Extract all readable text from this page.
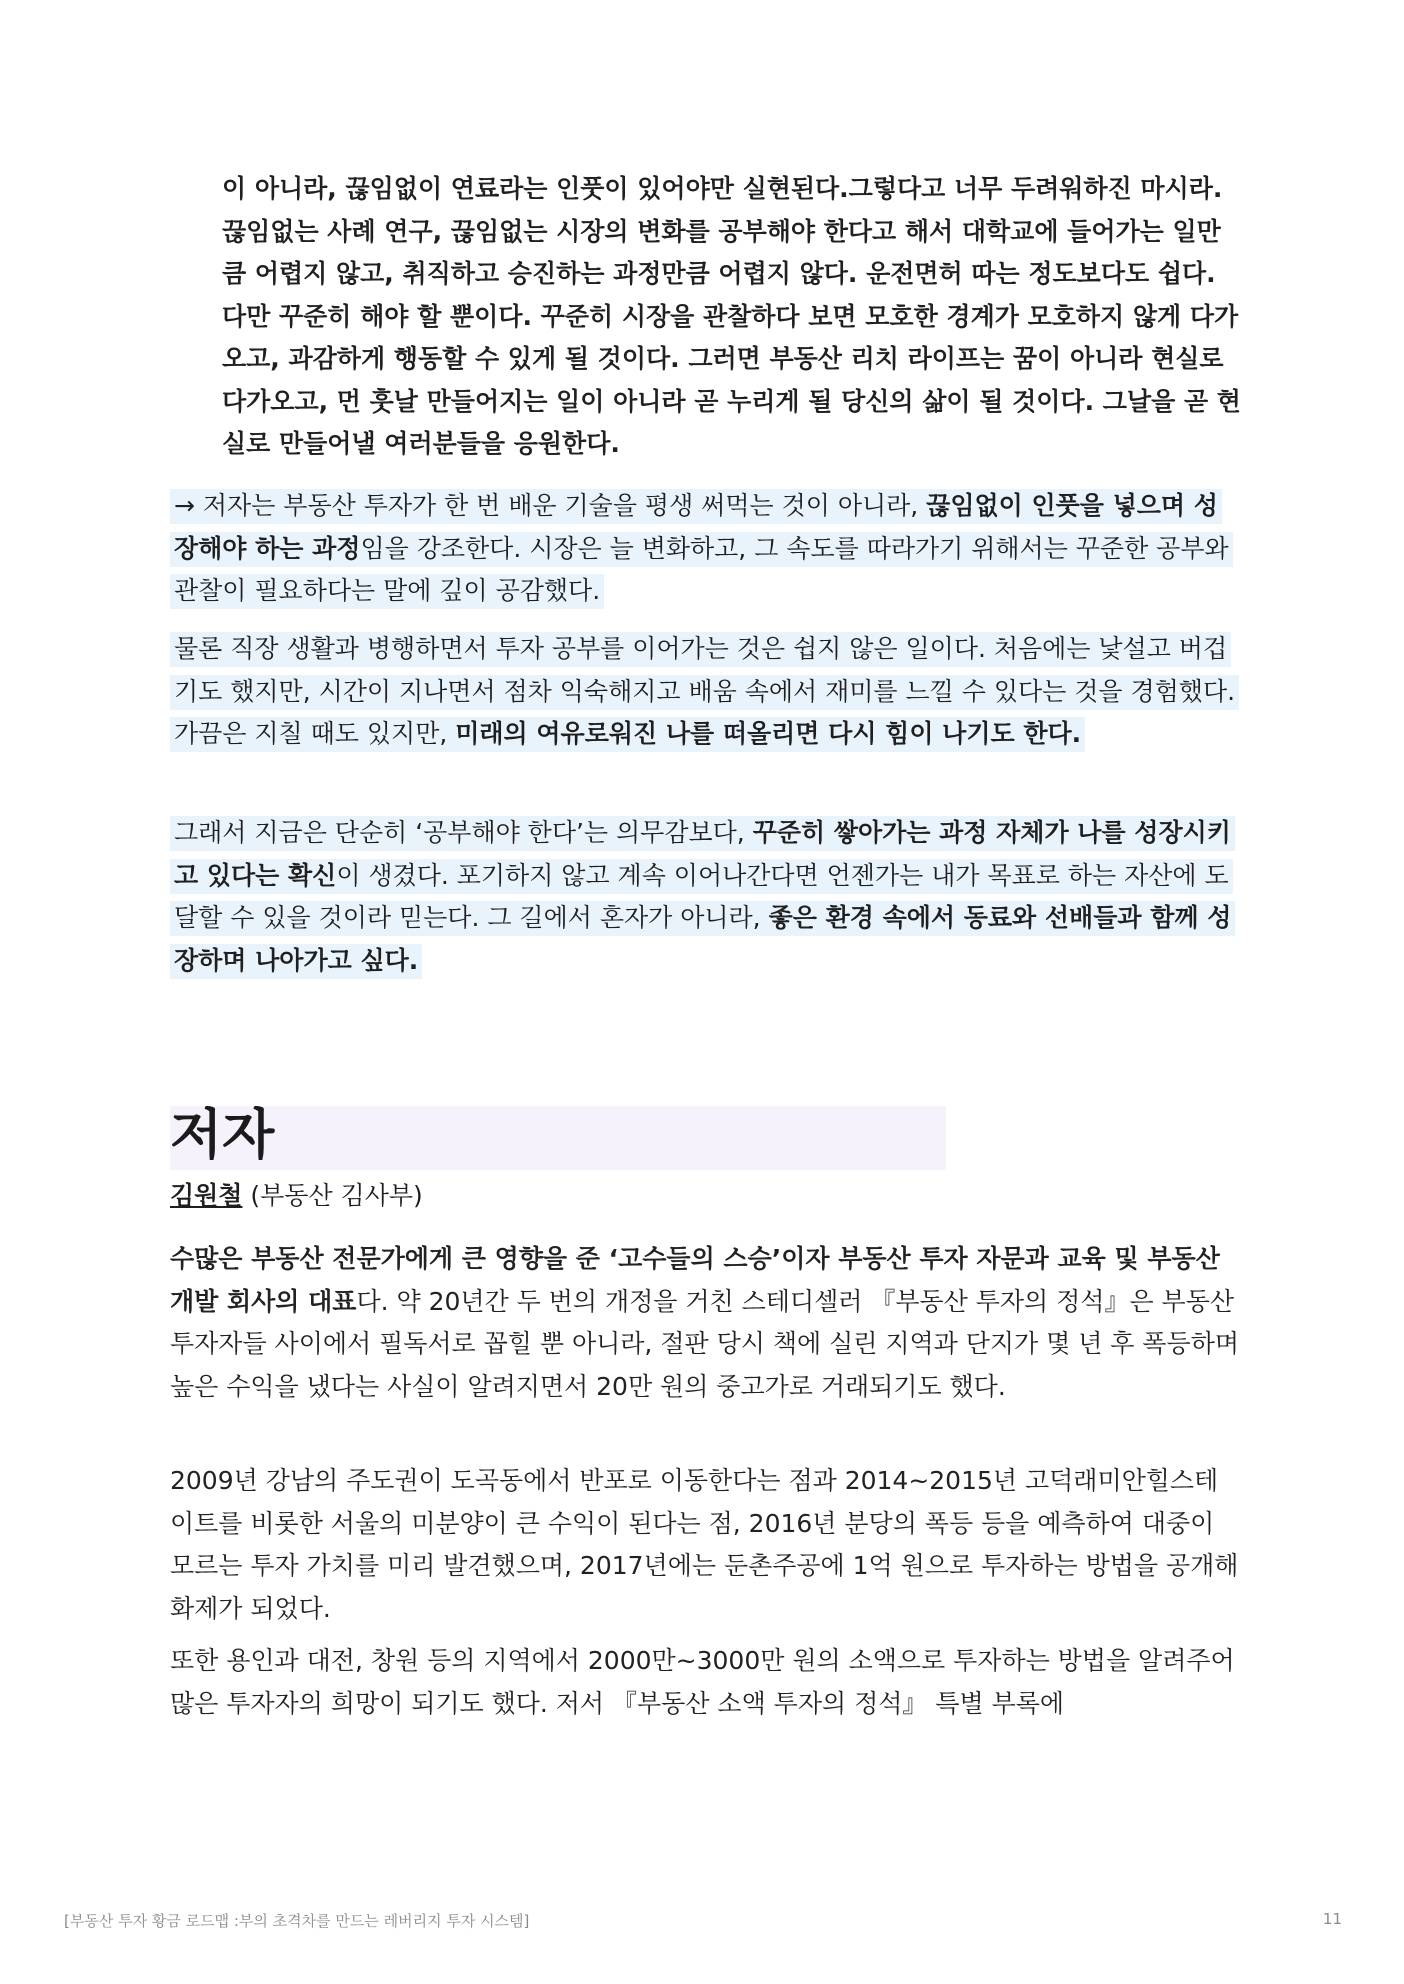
이 아니라, 끊임없이 연료라는 인풋이 있어야만 실현된다.그렇다고 너무 두려워하진 마시라. 끊임없는 사례 연구, 끊임없는 시장의 변화를 공부해야 한다고 해서 대학교에 들어가는 일만큼 어렵지 않고, 취직하고 승진하는 과정만큼 어렵지 않다. 운전면허 따는 정도보다도 쉽다. 다만 꾸준히 해야 할 뿐이다. 꾸준히 시장을 관찰하다 보면 모호한 경계가 모호하지 않게 다가오고, 과감하게 행동할 수 있게 될 것이다. 그러면 부동산 리치 라이프는 꿈이 아니라 현실로 다가오고, 먼 훗날 만들어지는 일이 아니라 곧 누리게 될 당신의 삶이 될 것이다. 그날을 곧 현실로 만들어낼 여러분들을 응원한다.

→ 저자는 부동산 투자가 한 번 배운 기술을 평생 써먹는 것이 아니라, 끊임없이 인풋을 넣으며 성장해야 하는 과정임을 강조한다. 시장은 늘 변화하고, 그 속도를 따라가기 위해서는 꾸준한 공부와 관찰이 필요하다는 말에 깊이 공감했다.

물론 직장 생활과 병행하면서 투자 공부를 이어가는 것은 쉽지 않은 일이다. 처음에는 낯설고 버겁기도 했지만, 시간이 지나면서 점차 익숙해지고 배움 속에서 재미를 느낄 수 있다는 것을 경험했다. 가끔은 지칠 때도 있지만, 미래의 여유로워진 나를 떠올리면 다시 힘이 나기도 한다.

그래서 지금은 단순히 ‘공부해야 한다’는 의무감보다, 꾸준히 쌓아가는 과정 자체가 나를 성장시키고 있다는 확신이 생겼다. 포기하지 않고 계속 이어나간다면 언젠가는 내가 목표로 하는 자산에 도달할 수 있을 것이라 믿는다. 그 길에서 혼자가 아니라, 좋은 환경 속에서 동료와 선배들과 함께 성장하며 나아가고 싶다.

저자

김원철 (부동산 김사부)

수많은 부동산 전문가에게 큰 영향을 준 ‘고수들의 스승’이자 부동산 투자 자문과 교육 및 부동산 개발 회사의 대표다. 약 20년간 두 번의 개정을 거친 스테디셀러 『부동산 투자의 정석』은 부동산 투자자들 사이에서 필독서로 꼽힐 뿐 아니라, 절판 당시 책에 실린 지역과 단지가 몇 년 후 폭등하며 높은 수익을 냈다는 사실이 알려지면서 20만 원의 중고가로 거래되기도 했다.

2009년 강남의 주도권이 도곡동에서 반포로 이동한다는 점과 2014~2015년 고덕래미안힐스테이트를 비롯한 서울의 미분양이 큰 수익이 된다는 점, 2016년 분당의 폭등 등을 예측하여 대중이 모르는 투자 가치를 미리 발견했으며, 2017년에는 둔촌주공에 1억 원으로 투자하는 방법을 공개해 화제가 되었다.

또한 용인과 대전, 창원 등의 지역에서 2000만~3000만 원의 소액으로 투자하는 방법을 알려주어 많은 투자자의 희망이 되기도 했다. 저서 『부동산 소액 투자의 정석』 특별 부록에

[부동산 투자 황금 로드맵 :부의 초격차를 만드는 레버리지 투자 시스템]	11
